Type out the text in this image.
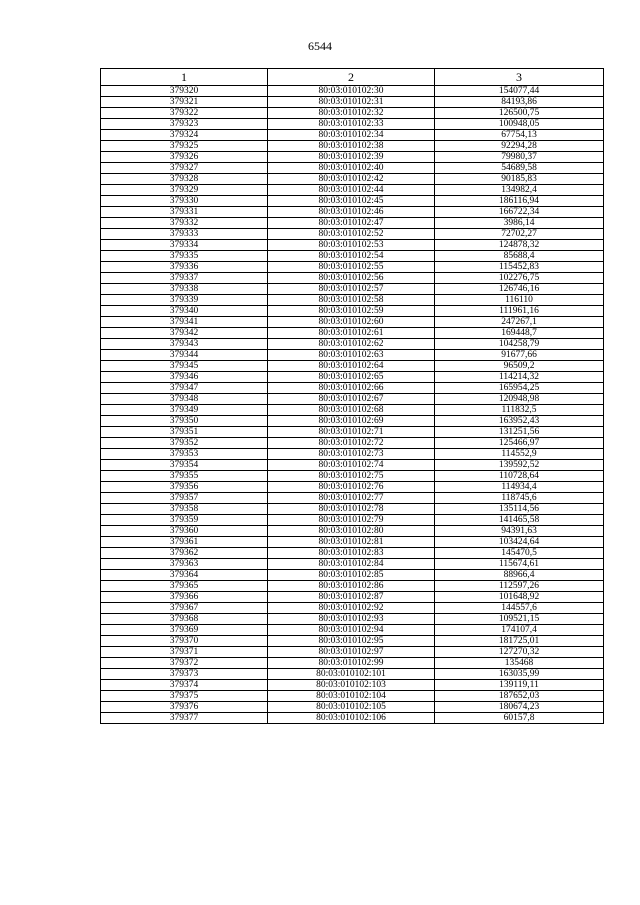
6544
1	2	3
379320	80:03:010102:30	154077,44
379321	80:03:010102:31	84193,86
379322	80:03:010102:32	126500,75
379323	80:03:010102:33	100948,05
379324	80:03:010102:34	67754,13
379325	80:03:010102:38	92294,28
379326	80:03:010102:39	79980,37
379327	80:03:010102:40	54689,58
379328	80:03:010102:42	90185,83
379329	80:03:010102:44	134982,4
379330	80:03:010102:45	186116,94
379331	80:03:010102:46	166722,34
379332	80:03:010102:47	3986,14
379333	80:03:010102:52	72702,27
379334	80:03:010102:53	124878,32
379335	80:03:010102:54	85688,4
379336	80:03:010102:55	115452,83
379337	80:03:010102:56	102276,75
379338	80:03:010102:57	126746,16
379339	80:03:010102:58	116110
379340	80:03:010102:59	111961,16
379341	80:03:010102:60	247267,1
379342	80:03:010102:61	169448,7
379343	80:03:010102:62	104258,79
379344	80:03:010102:63	91677,66
379345	80:03:010102:64	96509,2
379346	80:03:010102:65	114214,32
379347	80:03:010102:66	165954,25
379348	80:03:010102:67	120948,98
379349	80:03:010102:68	111832,5
379350	80:03:010102:69	163952,43
379351	80:03:010102:71	131251,56
379352	80:03:010102:72	125466,97
379353	80:03:010102:73	114552,9
379354	80:03:010102:74	139592,52
379355	80:03:010102:75	110728,64
379356	80:03:010102:76	114934,4
379357	80:03:010102:77	118745,6
379358	80:03:010102:78	135114,56
379359	80:03:010102:79	141465,58
379360	80:03:010102:80	94391,63
379361	80:03:010102:81	103424,64
379362	80:03:010102:83	145470,5
379363	80:03:010102:84	115674,61
379364	80:03:010102:85	88966,4
379365	80:03:010102:86	112597,26
379366	80:03:010102:87	101648,92
379367	80:03:010102:92	144557,6
379368	80:03:010102:93	109521,15
379369	80:03:010102:94	174107,4
379370	80:03:010102:95	181725,01
379371	80:03:010102:97	127270,32
379372	80:03:010102:99	135468
379373	80:03:010102:101	163035,99
379374	80:03:010102:103	139119,11
379375	80:03:010102:104	187652,03
379376	80:03:010102:105	180674,23
379377	80:03:010102:106	60157,8
